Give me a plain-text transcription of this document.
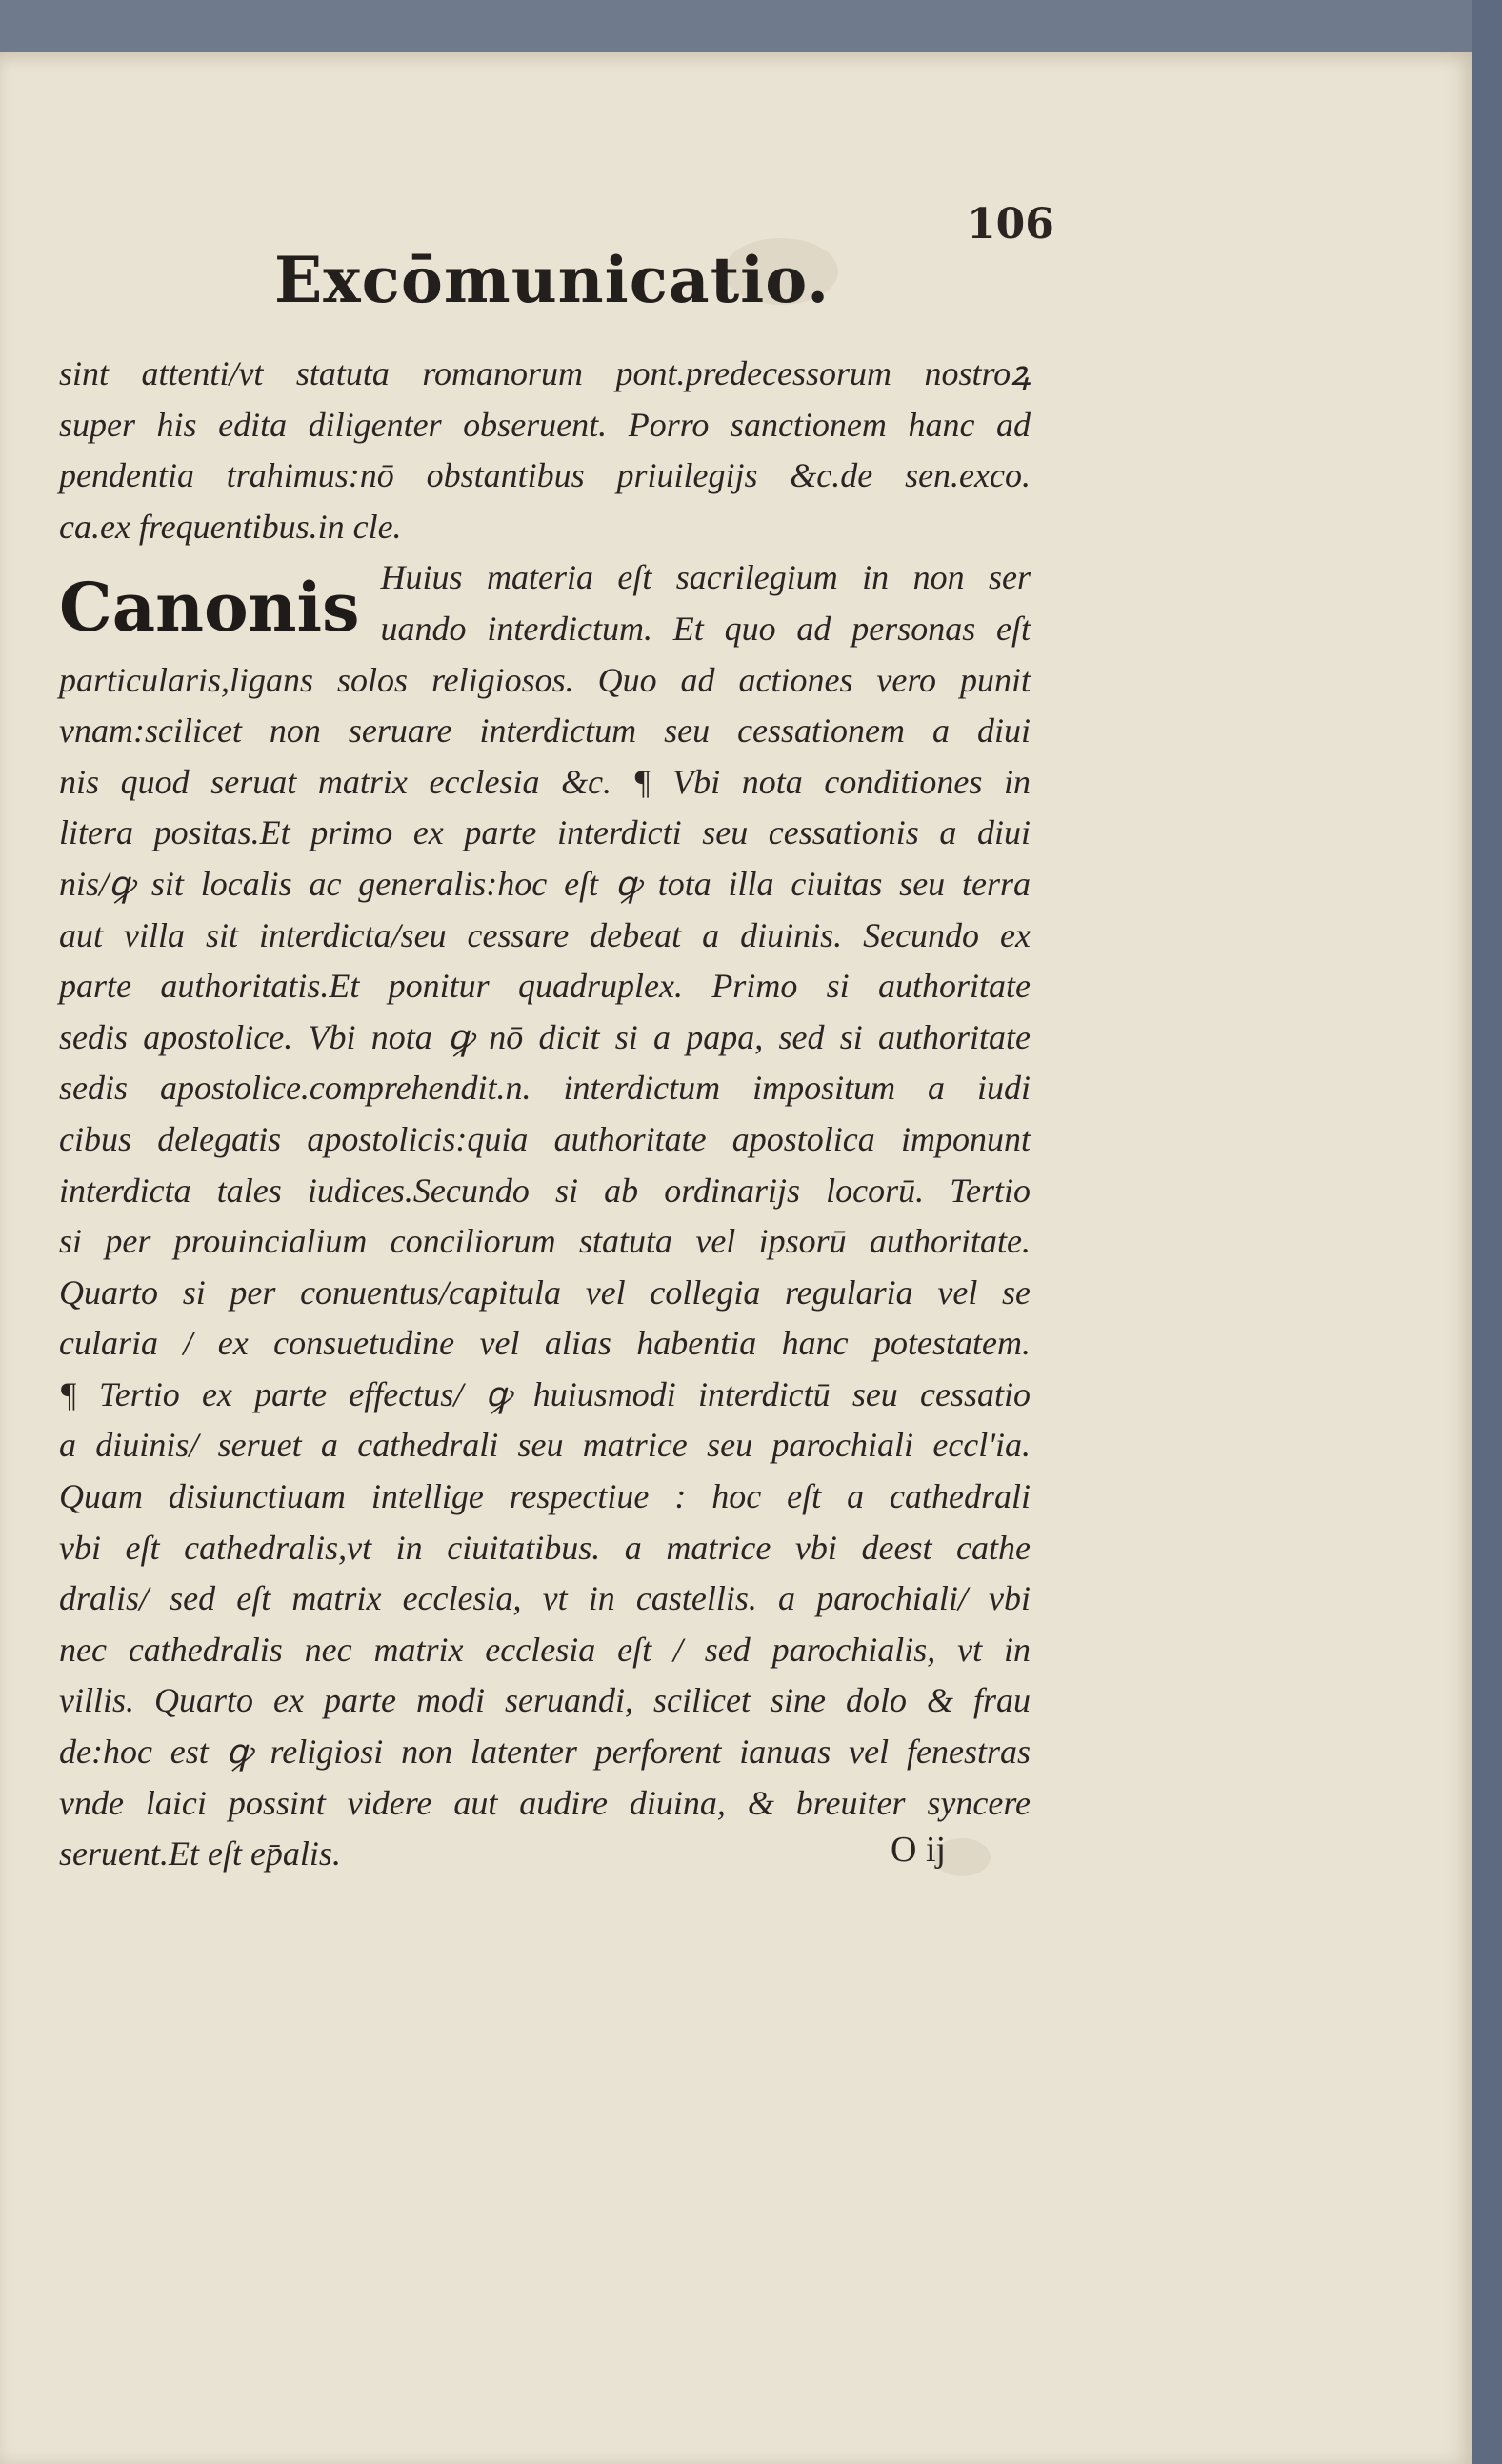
106
Excōmunicatio.
sint attenti/vt statuta romanorum pont.predecessorum nostroꝝ
super his edita diligenter obseruent. Porro sanctionem hanc ad
pendentia trahimus:nō obstantibus priuilegijs &c.de sen.exco.
ca.ex frequentibus.in cle.
Canonis Huius materia eſt sacrilegium in non ser
uando interdictum. Et quo ad personas eſt
particularis,ligans solos religiosos. Quo ad actiones vero punit
vnam:scilicet non seruare interdictum seu cessationem a diui
nis quod seruat matrix ecclesia &c. ¶ Vbi nota conditiones in
litera positas.Et primo ex parte interdicti seu cessationis a diui
nis/ꝙ sit localis ac generalis:hoc eſt ꝙ tota illa ciuitas seu terra
aut villa sit interdicta/seu cessare debeat a diuinis. Secundo ex
parte authoritatis.Et ponitur quadruplex. Primo si authoritate
sedis apostolice. Vbi nota ꝙ nō dicit si a papa, sed si authoritate
sedis apostolice.comprehendit.n. interdictum impositum a iudi
cibus delegatis apostolicis:quia authoritate apostolica imponunt
interdicta tales iudices.Secundo si ab ordinarijs locorū. Tertio
si per prouincialium conciliorum statuta vel ipsorū authoritate.
Quarto si per conuentus/capitula vel collegia regularia vel se
cularia / ex consuetudine vel alias habentia hanc potestatem.
¶ Tertio ex parte effectus/ ꝙ huiusmodi interdictū seu cessatio
a diuinis/ seruet a cathedrali seu matrice seu parochiali eccl'ia.
Quam disiunctiuam intellige respectiue : hoc eſt a cathedrali
vbi eſt cathedralis,vt in ciuitatibus. a matrice vbi deest cathe
dralis/ sed eſt matrix ecclesia, vt in castellis. a parochiali/ vbi
nec cathedralis nec matrix ecclesia eſt / sed parochialis, vt in
villis. Quarto ex parte modi seruandi, scilicet sine dolo & frau
de:hoc est ꝙ religiosi non latenter perforent ianuas vel fenestras
vnde laici possint videre aut audire diuina, & breuiter syncere
seruent.Et eſt ep̄alis.	O ij
